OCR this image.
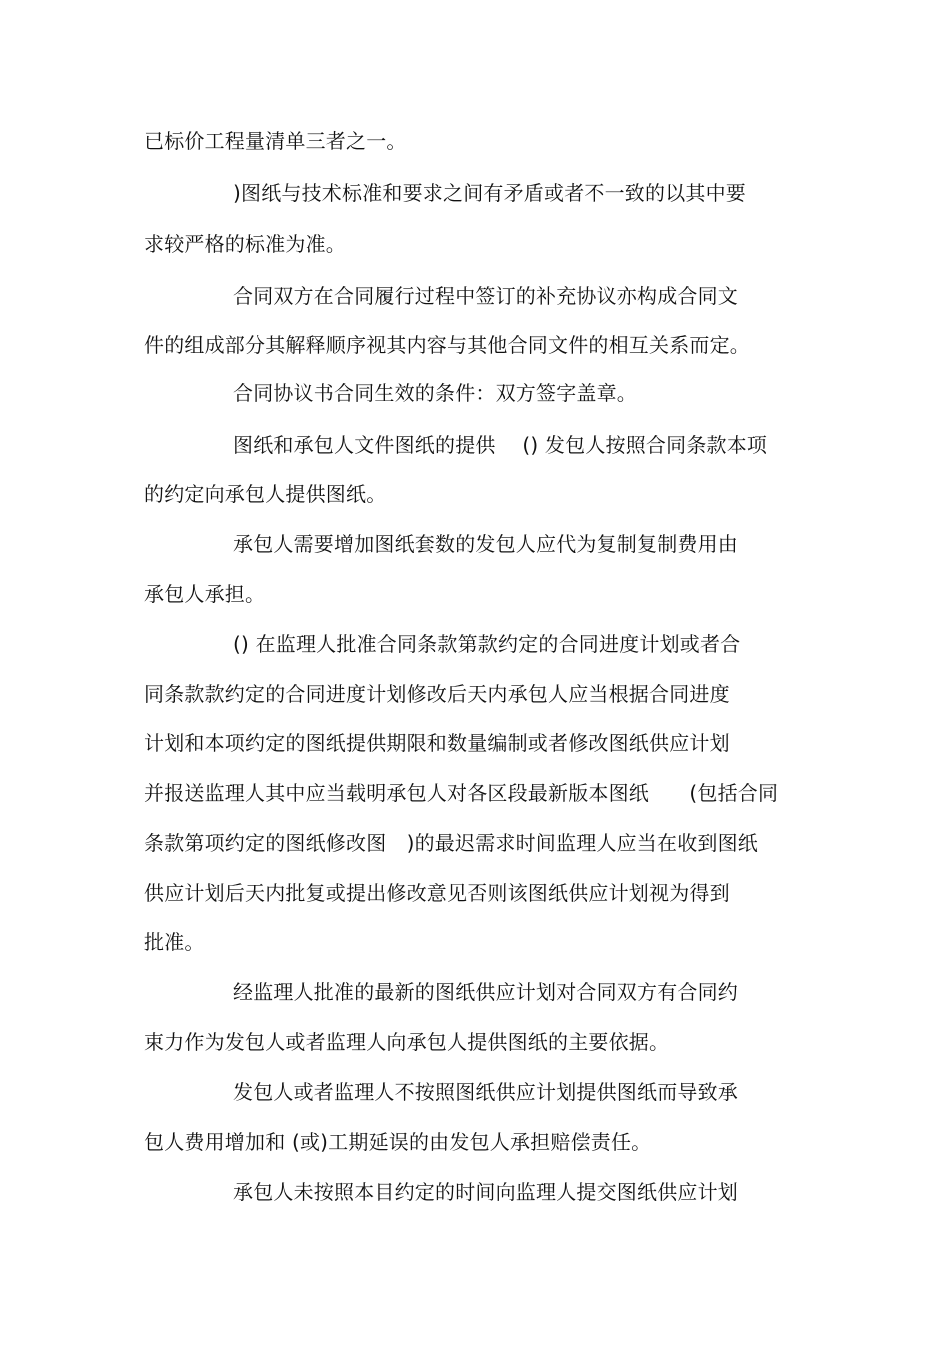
已标价工程量清单三者之一。
)图纸与技术标准和要求之间有矛盾或者不一致的以其中要
求较严格的标准为准。
合同双方在合同履行过程中签订的补充协议亦构成合同文
件的组成部分其解释顺序视其内容与其他合同文件的相互关系而定。
合同协议书合同生效的条件：双方签字盖章。
图纸和承包人文件图纸的提供　 () 发包人按照合同条款本项
的约定向承包人提供图纸。
承包人需要增加图纸套数的发包人应代为复制复制费用由
承包人承担。
() 在监理人批准合同条款第款约定的合同进度计划或者合
同条款款约定的合同进度计划修改后天内承包人应当根据合同进度
计划和本项约定的图纸提供期限和数量编制或者修改图纸供应计划
并报送监理人其中应当载明承包人对各区段最新版本图纸　　(包括合同
条款第项约定的图纸修改图　)的最迟需求时间监理人应当在收到图纸
供应计划后天内批复或提出修改意见否则该图纸供应计划视为得到
批准。
经监理人批准的最新的图纸供应计划对合同双方有合同约
束力作为发包人或者监理人向承包人提供图纸的主要依据。
发包人或者监理人不按照图纸供应计划提供图纸而导致承
包人费用增加和 (或)工期延误的由发包人承担赔偿责任。
承包人未按照本目约定的时间向监理人提交图纸供应计划
